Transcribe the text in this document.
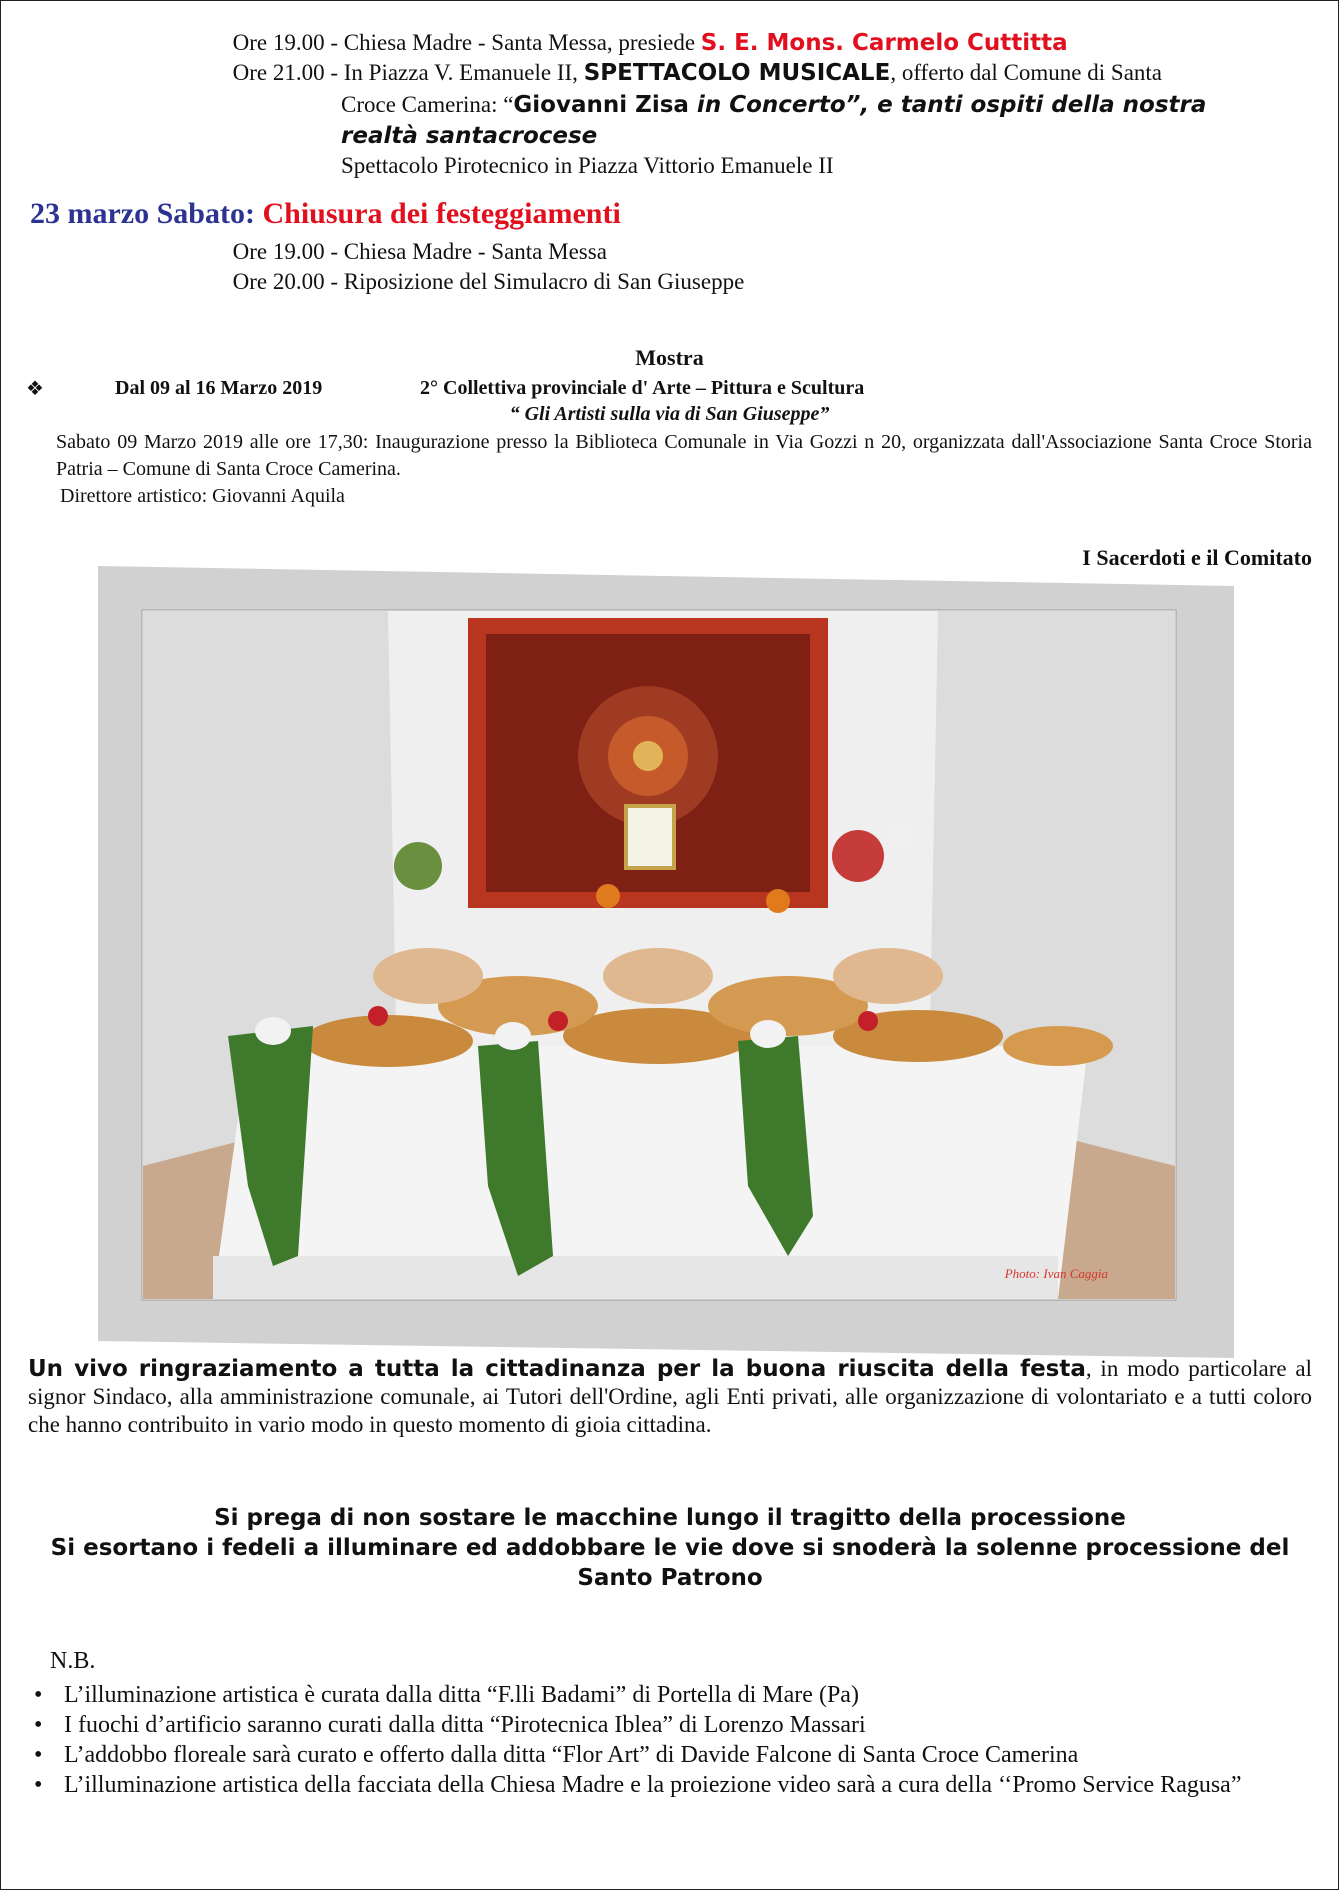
Ore 19.00 - Chiesa Madre - Santa Messa, presiede S. E. Mons. Carmelo Cuttitta
Ore 21.00 - In Piazza V. Emanuele II, SPETTACOLO MUSICALE, offerto dal Comune di Santa
Croce Camerina: “Giovanni Zisa in Concerto”, e tanti ospiti della nostra
realtà santacrocese
Spettacolo Pirotecnico in Piazza Vittorio Emanuele II
23 marzo Sabato: Chiusura dei festeggiamenti
Ore 19.00 - Chiesa Madre - Santa Messa
Ore 20.00 - Riposizione del Simulacro di San Giuseppe
Mostra
❖	Dal 09 al 16 Marzo 2019	2° Collettiva provinciale d' Arte – Pittura e Scultura
“ Gli Artisti sulla via di San Giuseppe”
Sabato 09 Marzo 2019 alle ore 17,30: Inaugurazione presso la Biblioteca Comunale in Via Gozzi n 20, organizzata dall'Associazione Santa Croce Storia Patria – Comune di Santa Croce Camerina.
Direttore artistico: Giovanni Aquila
I Sacerdoti e il Comitato
Photo: Ivan Caggia
Un vivo ringraziamento a tutta la cittadinanza per la buona riuscita della festa, in modo particolare al signor Sindaco, alla amministrazione comunale, ai Tutori dell'Ordine, agli Enti privati, alle organizzazione di volontariato e a tutti coloro che hanno contribuito in vario modo in questo momento di gioia cittadina.
Si prega di non sostare le macchine lungo il tragitto della processione
Si esortano i fedeli a illuminare ed addobbare le vie dove si snoderà la solenne processione del Santo Patrono
N.B.
• L’illuminazione artistica è curata dalla ditta “F.lli Badami” di Portella di Mare (Pa)
• I fuochi d’artificio saranno curati dalla ditta “Pirotecnica Iblea” di Lorenzo Massari
• L’addobbo floreale sarà curato e offerto dalla ditta “Flor Art” di Davide Falcone di Santa Croce Camerina
• L’illuminazione artistica della facciata della Chiesa Madre e la proiezione video sarà a cura della ‘‘Promo Service Ragusa”
